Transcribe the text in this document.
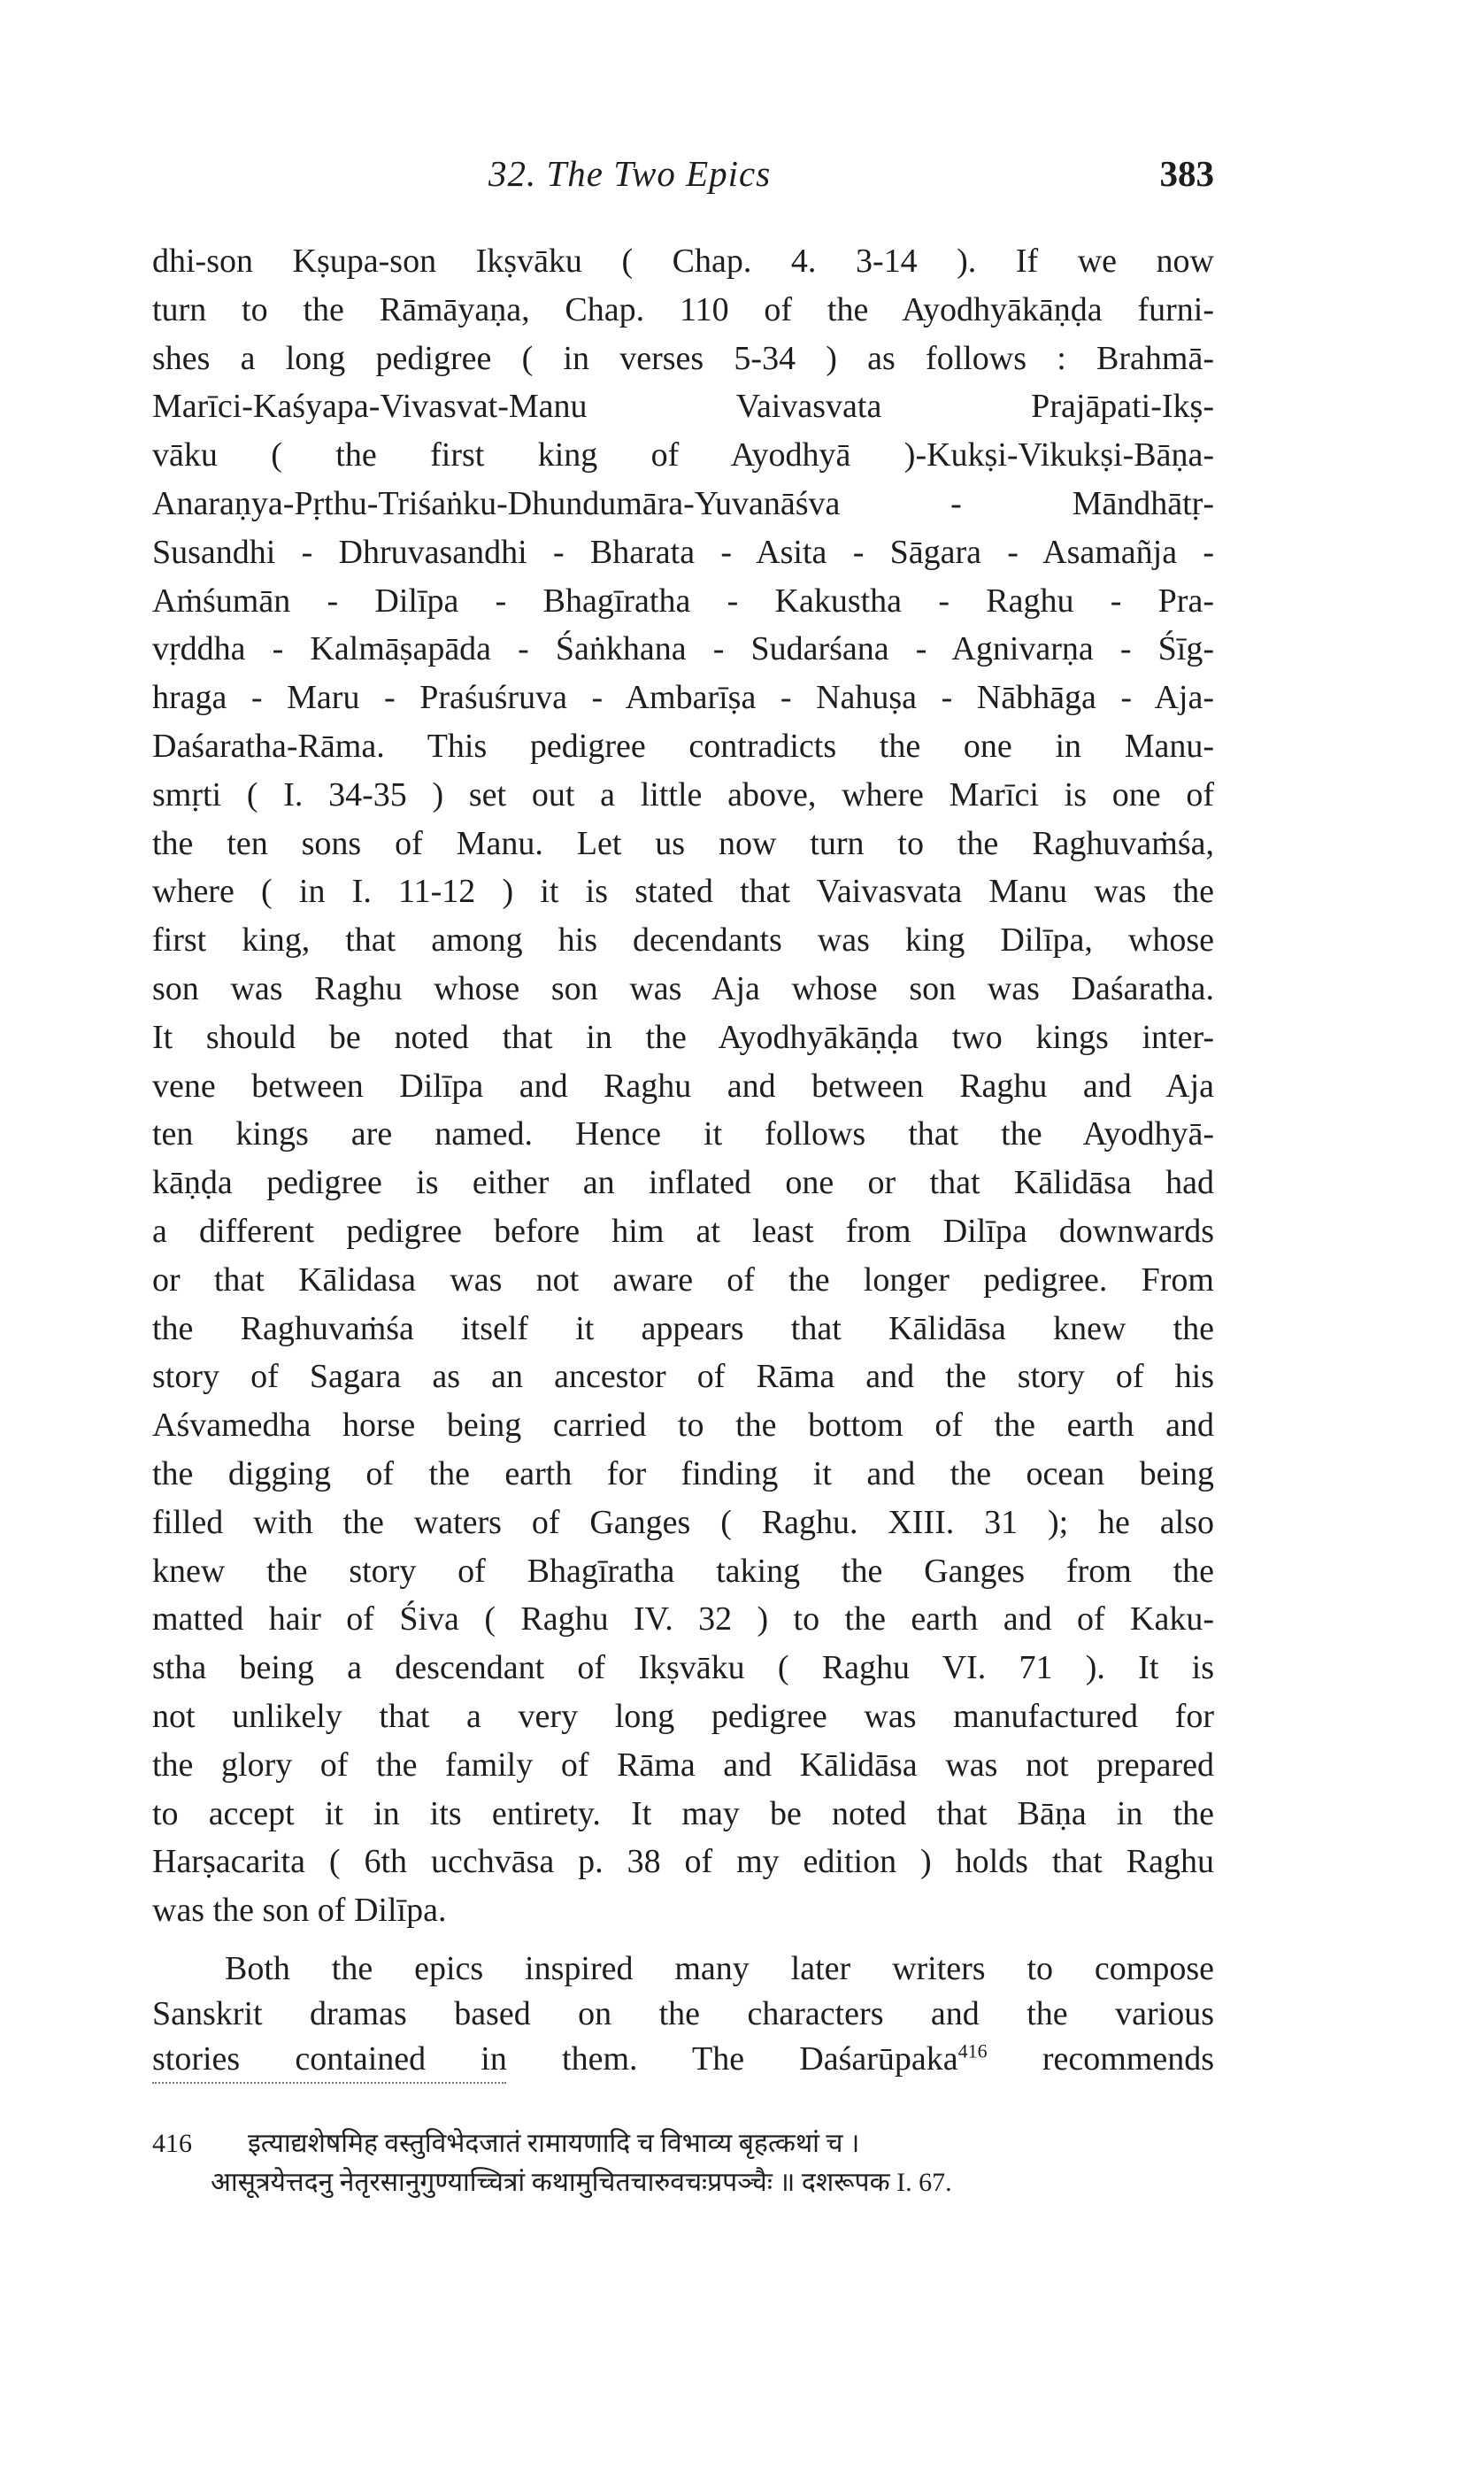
32. The Two Epics	383
dhi-son Kṣupa-son Ikṣvāku ( Chap. 4. 3-14 ). If we now
turn to the Rāmāyaṇa, Chap. 110 of the Ayodhyākāṇḍa furni-
shes a long pedigree ( in verses 5-34 ) as follows : Brahmā-
Marīci-Kaśyapa-Vivasvat-Manu Vaivasvata Prajāpati-Ikṣ-
vāku ( the first king of Ayodhyā )-Kukṣi-Vikukṣi-Bāṇa-
Anaraṇya-Pṛthu-Triśaṅku-Dhundumāra-Yuvanāśva - Māndhātṛ-
Susandhi - Dhruvasandhi - Bharata - Asita - Sāgara - Asamañja -
Aṁśumān - Dilīpa - Bhagīratha - Kakustha - Raghu - Pra-
vṛddha - Kalmāṣapāda - Śaṅkhana - Sudarśana - Agnivarṇa - Śīg-
hraga - Maru - Praśuśruva - Ambarīṣa - Nahuṣa - Nābhāga - Aja-
Daśaratha-Rāma. This pedigree contradicts the one in Manu-
smṛti ( I. 34-35 ) set out a little above, where Marīci is one of
the ten sons of Manu. Let us now turn to the Raghuvaṁśa,
where ( in I. 11-12 ) it is stated that Vaivasvata Manu was the
first king, that among his decendants was king Dilīpa, whose
son was Raghu whose son was Aja whose son was Daśaratha.
It should be noted that in the Ayodhyākāṇḍa two kings inter-
vene between Dilīpa and Raghu and between Raghu and Aja
ten kings are named. Hence it follows that the Ayodhyā-
kāṇḍa pedigree is either an inflated one or that Kālidāsa had
a different pedigree before him at least from Dilīpa downwards
or that Kālidasa was not aware of the longer pedigree. From
the Raghuvaṁśa itself it appears that Kālidāsa knew the
story of Sagara as an ancestor of Rāma and the story of his
Aśvamedha horse being carried to the bottom of the earth and
the digging of the earth for finding it and the ocean being
filled with the waters of Ganges ( Raghu. XIII. 31 ); he also
knew the story of Bhagīratha taking the Ganges from the
matted hair of Śiva ( Raghu IV. 32 ) to the earth and of Kaku-
stha being a descendant of Ikṣvāku ( Raghu VI. 71 ). It is
not unlikely that a very long pedigree was manufactured for
the glory of the family of Rāma and Kālidāsa was not prepared
to accept it in its entirety. It may be noted that Bāṇa in the
Harṣacarita ( 6th ucchvāsa p. 38 of my edition ) holds that Raghu
was the son of Dilīpa.
Both the epics inspired many later writers to compose
Sanskrit dramas based on the characters and the various
stories contained in them. The Daśarūpaka$^{416}$ recommends
416 इत्याद्यशेषमिह वस्तुविभेदजातं रामायणादि च विभाव्य बृहत्कथां च ।
आसूत्रयेत्तदनु नेतृरसानुगुण्याच्चित्रां कथामुचितचारुवचःप्रपञ्चैः ॥ दशरूपक I. 67.
